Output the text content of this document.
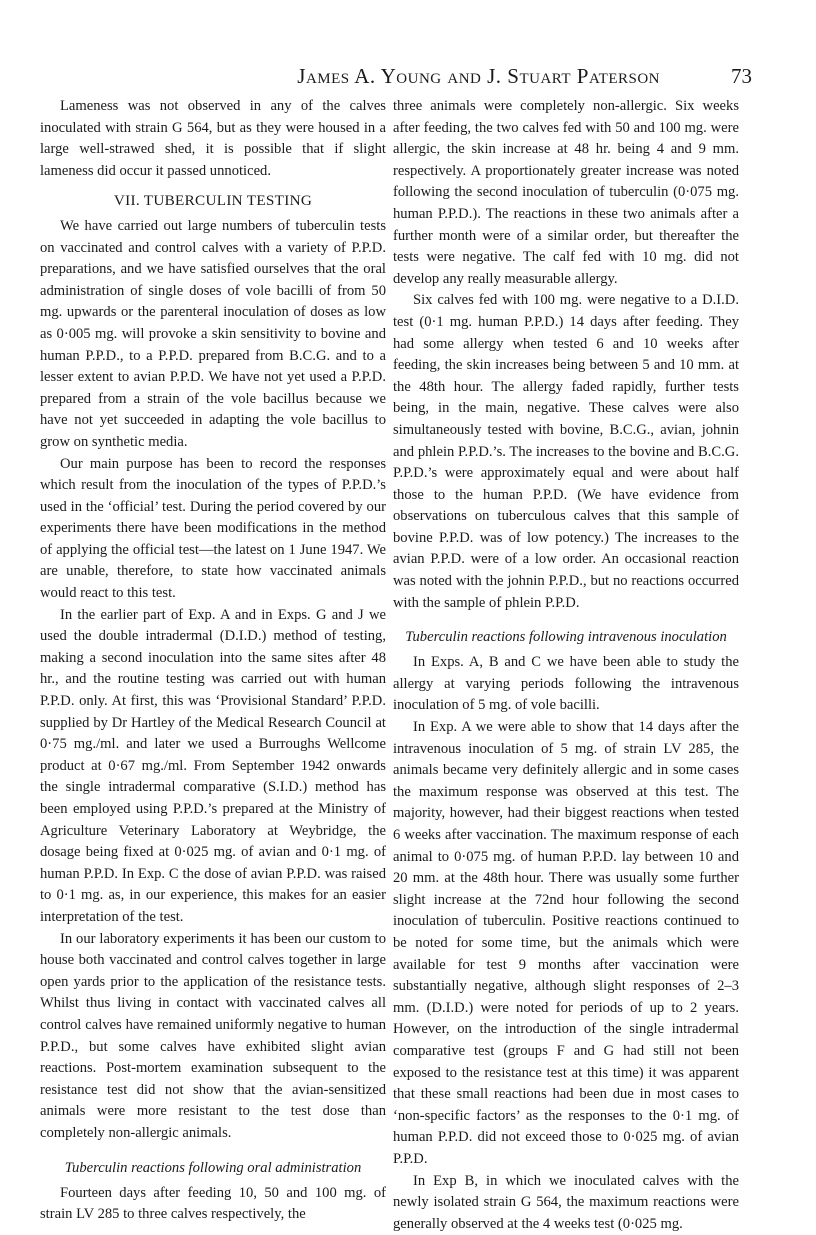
James A. Young and J. Stuart Paterson	73

Lameness was not observed in any of the calves inoculated with strain G 564, but as they were housed in a large well-strawed shed, it is possible that if slight lameness did occur it passed unnoticed.

VII. TUBERCULIN TESTING

We have carried out large numbers of tuberculin tests on vaccinated and control calves with a variety of P.P.D. preparations, and we have satisfied ourselves that the oral administration of single doses of vole bacilli of from 50 mg. upwards or the parenteral inoculation of doses as low as 0·005 mg. will provoke a skin sensitivity to bovine and human P.P.D., to a P.P.D. prepared from B.C.G. and to a lesser extent to avian P.P.D. We have not yet used a P.P.D. prepared from a strain of the vole bacillus because we have not yet succeeded in adapting the vole bacillus to grow on synthetic media.

Our main purpose has been to record the responses which result from the inoculation of the types of P.P.D.’s used in the ‘official’ test. During the period covered by our experiments there have been modifications in the method of applying the official test—the latest on 1 June 1947. We are unable, therefore, to state how vaccinated animals would react to this test.

In the earlier part of Exp. A and in Exps. G and J we used the double intradermal (D.I.D.) method of testing, making a second inoculation into the same sites after 48 hr., and the routine testing was carried out with human P.P.D. only. At first, this was ‘Provisional Standard’ P.P.D. supplied by Dr Hartley of the Medical Research Council at 0·75 mg./ml. and later we used a Burroughs Wellcome product at 0·67 mg./ml. From September 1942 onwards the single intradermal comparative (S.I.D.) method has been employed using P.P.D.’s prepared at the Ministry of Agriculture Veterinary Laboratory at Weybridge, the dosage being fixed at 0·025 mg. of avian and 0·1 mg. of human P.P.D. In Exp. C the dose of avian P.P.D. was raised to 0·1 mg. as, in our experience, this makes for an easier interpretation of the test.

In our laboratory experiments it has been our custom to house both vaccinated and control calves together in large open yards prior to the application of the resistance tests. Whilst thus living in contact with vaccinated calves all control calves have remained uniformly negative to human P.P.D., but some calves have exhibited slight avian reactions. Post-mortem examination subsequent to the resistance test did not show that the avian-sensitized animals were more resistant to the test dose than completely non-allergic animals.

Tuberculin reactions following oral administration

Fourteen days after feeding 10, 50 and 100 mg. of strain LV 285 to three calves respectively, the

three animals were completely non-allergic. Six weeks after feeding, the two calves fed with 50 and 100 mg. were allergic, the skin increase at 48 hr. being 4 and 9 mm. respectively. A proportionately greater increase was noted following the second inoculation of tuberculin (0·075 mg. human P.P.D.). The reactions in these two animals after a further month were of a similar order, but thereafter the tests were negative. The calf fed with 10 mg. did not develop any really measurable allergy.

Six calves fed with 100 mg. were negative to a D.I.D. test (0·1 mg. human P.P.D.) 14 days after feeding. They had some allergy when tested 6 and 10 weeks after feeding, the skin increases being between 5 and 10 mm. at the 48th hour. The allergy faded rapidly, further tests being, in the main, negative. These calves were also simultaneously tested with bovine, B.C.G., avian, johnin and phlein P.P.D.’s. The increases to the bovine and B.C.G. P.P.D.’s were approximately equal and were about half those to the human P.P.D. (We have evidence from observations on tuberculous calves that this sample of bovine P.P.D. was of low potency.) The increases to the avian P.P.D. were of a low order. An occasional reaction was noted with the johnin P.P.D., but no reactions occurred with the sample of phlein P.P.D.

Tuberculin reactions following intravenous inoculation

In Exps. A, B and C we have been able to study the allergy at varying periods following the intravenous inoculation of 5 mg. of vole bacilli.

In Exp. A we were able to show that 14 days after the intravenous inoculation of 5 mg. of strain LV 285, the animals became very definitely allergic and in some cases the maximum response was observed at this test. The majority, however, had their biggest reactions when tested 6 weeks after vaccination. The maximum response of each animal to 0·075 mg. of human P.P.D. lay between 10 and 20 mm. at the 48th hour. There was usually some further slight increase at the 72nd hour following the second inoculation of tuberculin. Positive reactions continued to be noted for some time, but the animals which were available for test 9 months after vaccination were substantially negative, although slight responses of 2–3 mm. (D.I.D.) were noted for periods of up to 2 years. However, on the introduction of the single intradermal comparative test (groups F and G had still not been exposed to the resistance test at this time) it was apparent that these small reactions had been due in most cases to ‘non-specific factors’ as the responses to the 0·1 mg. of human P.P.D. did not exceed those to 0·025 mg. of avian P.P.D.

In Exp B, in which we inoculated calves with the newly isolated strain G 564, the maximum reactions were generally observed at the 4 weeks test (0·025 mg.
